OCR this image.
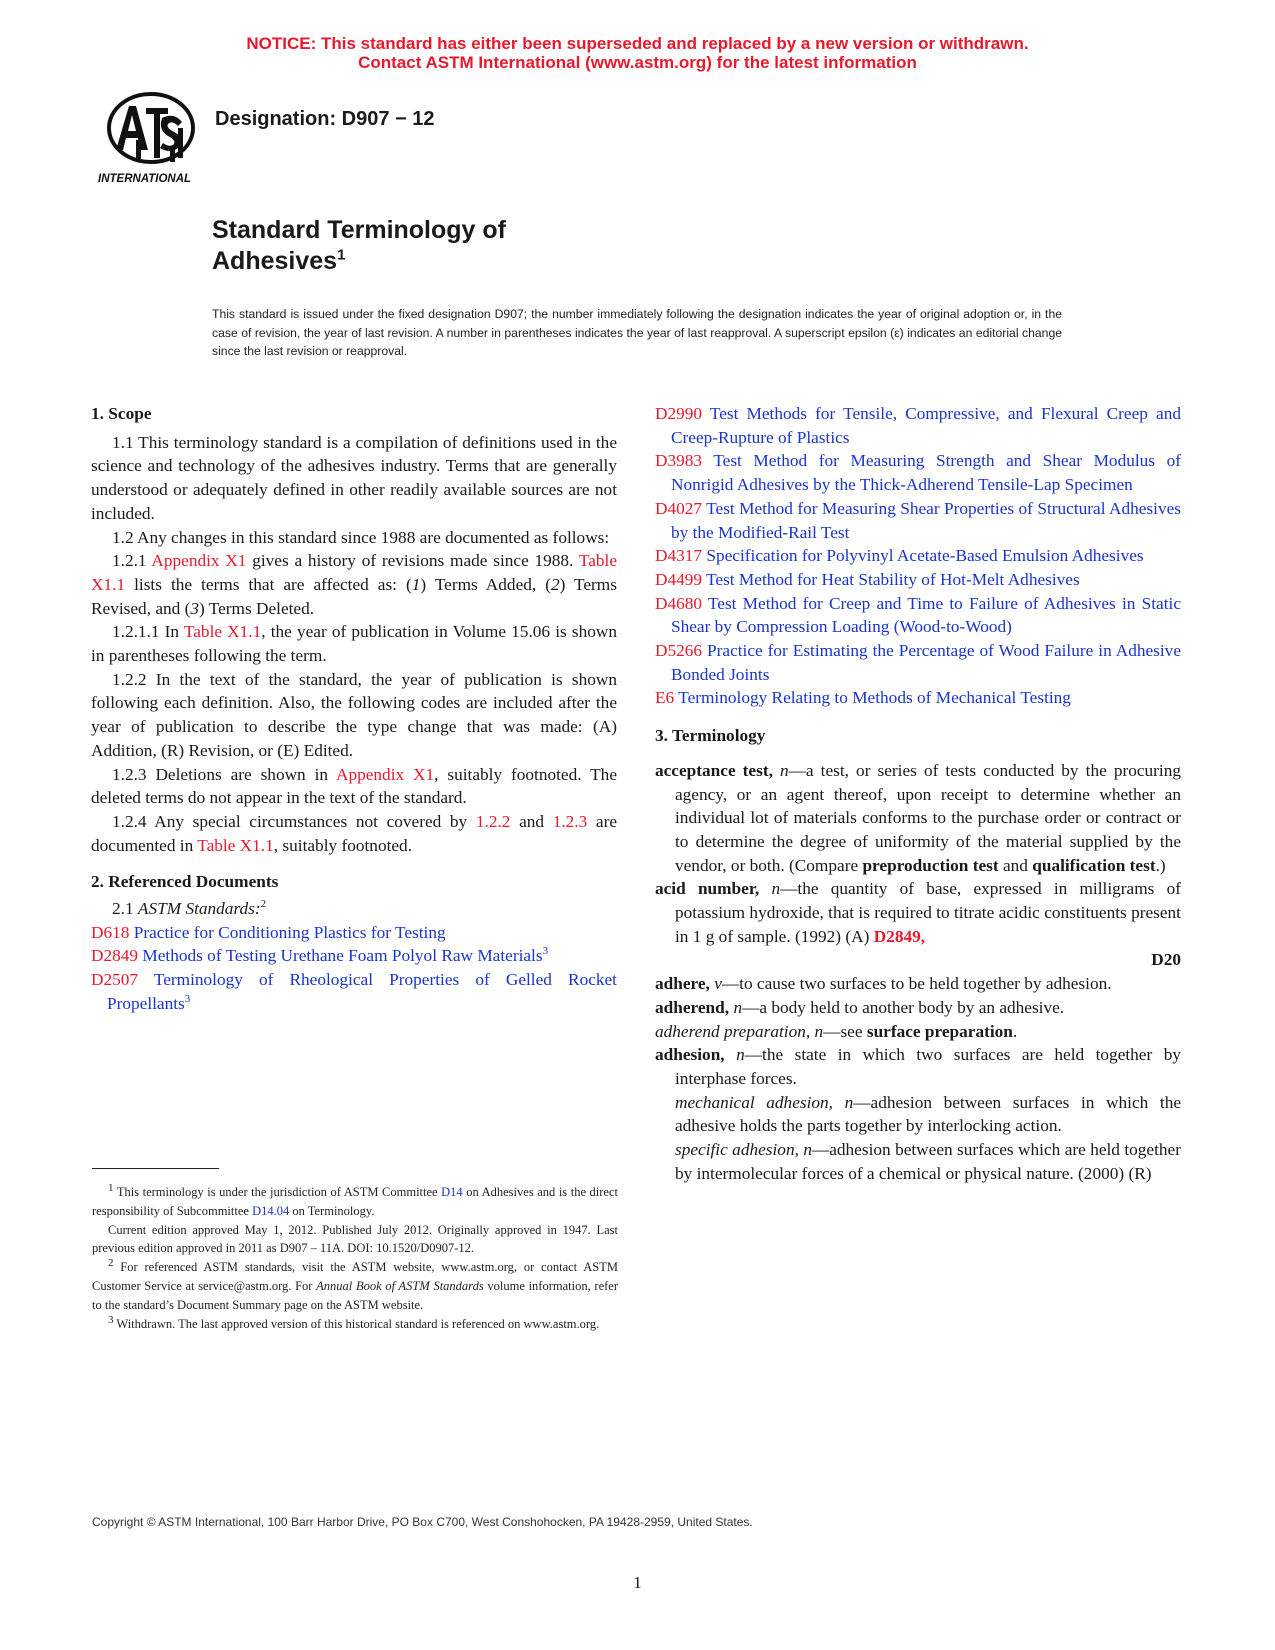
NOTICE: This standard has either been superseded and replaced by a new version or withdrawn.
Contact ASTM International (www.astm.org) for the latest information
INTERNATIONAL
Designation: D907 − 12
Standard Terminology of
Adhesives$^1$
This standard is issued under the fixed designation D907; the number immediately following the designation indicates the year of original adoption or, in the case of revision, the year of last revision. A number in parentheses indicates the year of last reapproval. A superscript epsilon (ε) indicates an editorial change since the last revision or reapproval.
1. Scope

1.1 This terminology standard is a compilation of definitions used in the science and technology of the adhesives industry. Terms that are generally understood or adequately defined in other readily available sources are not included.

1.2 Any changes in this standard since 1988 are documented as follows:

1.2.1 Appendix X1 gives a history of revisions made since 1988. Table X1.1 lists the terms that are affected as: (1) Terms Added, (2) Terms Revised, and (3) Terms Deleted.

1.2.1.1 In Table X1.1, the year of publication in Volume 15.06 is shown in parentheses following the term.

1.2.2 In the text of the standard, the year of publication is shown following each definition. Also, the following codes are included after the year of publication to describe the type change that was made: (A) Addition, (R) Revision, or (E) Edited.

1.2.3 Deletions are shown in Appendix X1, suitably footnoted. The deleted terms do not appear in the text of the standard.

1.2.4 Any special circumstances not covered by 1.2.2 and 1.2.3 are documented in Table X1.1, suitably footnoted.

2. Referenced Documents

2.1 ASTM Standards:$^2$

D618 Practice for Conditioning Plastics for Testing

D2849 Methods of Testing Urethane Foam Polyol Raw Materials$^3$

D2507 Terminology of Rheological Properties of Gelled Rocket Propellants$^3$

$^1$ This terminology is under the jurisdiction of ASTM Committee D14 on Adhesives and is the direct responsibility of Subcommittee D14.04 on Terminology.

Current edition approved May 1, 2012. Published July 2012. Originally approved in 1947. Last previous edition approved in 2011 as D907 – 11A. DOI: 10.1520/D0907-12.

$^2$ For referenced ASTM standards, visit the ASTM website, www.astm.org, or contact ASTM Customer Service at service@astm.org. For Annual Book of ASTM Standards volume information, refer to the standard’s Document Summary page on the ASTM website.

$^3$ Withdrawn. The last approved version of this historical standard is referenced on www.astm.org.

D2990 Test Methods for Tensile, Compressive, and Flexural Creep and Creep-Rupture of Plastics

D3983 Test Method for Measuring Strength and Shear Modulus of Nonrigid Adhesives by the Thick-Adherend Tensile-Lap Specimen

D4027 Test Method for Measuring Shear Properties of Structural Adhesives by the Modified-Rail Test

D4317 Specification for Polyvinyl Acetate-Based Emulsion Adhesives

D4499 Test Method for Heat Stability of Hot-Melt Adhesives

D4680 Test Method for Creep and Time to Failure of Adhesives in Static Shear by Compression Loading (Wood-to-Wood)

D5266 Practice for Estimating the Percentage of Wood Failure in Adhesive Bonded Joints

E6 Terminology Relating to Methods of Mechanical Testing

3. Terminology

acceptance test, n—a test, or series of tests conducted by the procuring agency, or an agent thereof, upon receipt to determine whether an individual lot of materials conforms to the purchase order or contract or to determine the degree of uniformity of the material supplied by the vendor, or both. (Compare preproduction test and qualification test.)

acid number, n—the quantity of base, expressed in milligrams of potassium hydroxide, that is required to titrate acidic constituents present in 1 g of sample. (1992) (A) D2849,

D20

adhere, v—to cause two surfaces to be held together by adhesion.

adherend, n—a body held to another body by an adhesive.

adherend preparation, n—see surface preparation.

adhesion, n—the state in which two surfaces are held together by interphase forces.

mechanical adhesion, n—adhesion between surfaces in which the adhesive holds the parts together by interlocking action.

specific adhesion, n—adhesion between surfaces which are held together by intermolecular forces of a chemical or physical nature. (2000) (R)

Copyright © ASTM International, 100 Barr Harbor Drive, PO Box C700, West Conshohocken, PA 19428-2959, United States.
1
